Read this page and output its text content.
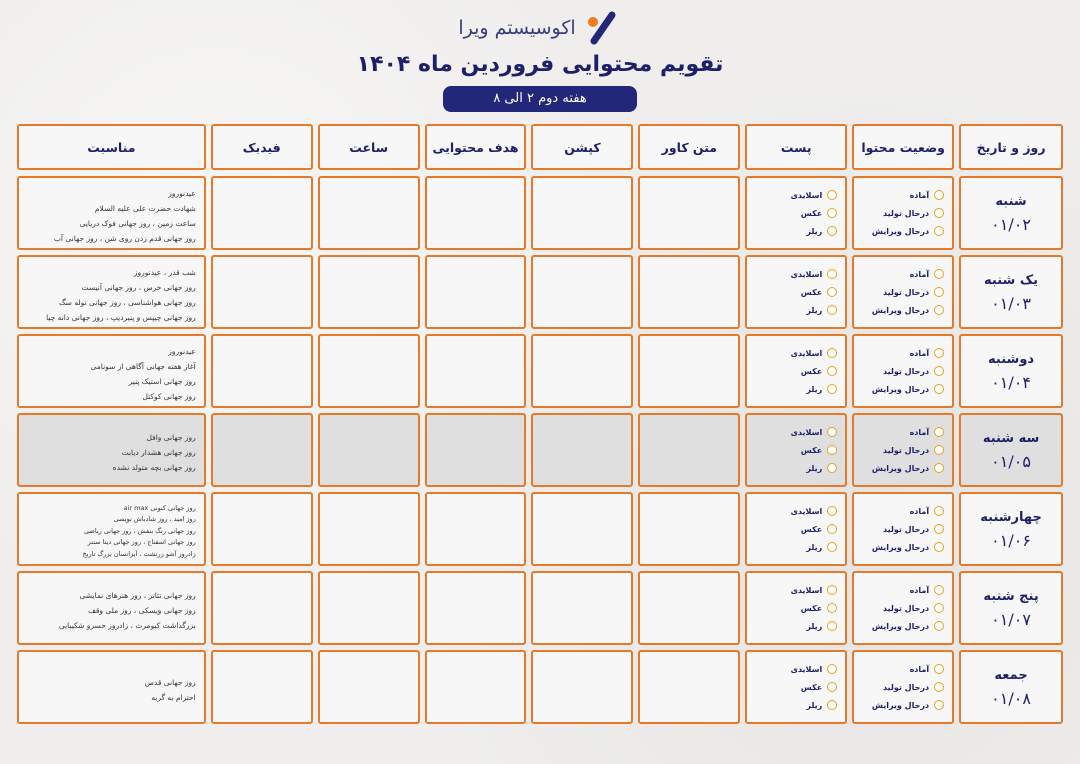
اکوسیستم ویرا
تقویم محتوایی فروردین ماه ۱۴۰۴
هفته دوم ۲ الی ۸
روز و تاریخ
وضعیت محتوا
پست
متن کاور
کپشن
هدف محتوایی
ساعت
فیدبک
مناسبت
شنبه
۰۱/۰۲
آماده
درحال تولید
درحال ویرایش
اسلایدی
عکس
ریلز
عیدنوروز
شهادت حضرت علی علیه السلام
ساعت زمین ، روز جهانی فوک دریایی
روز جهانی قدم زدن روی شن ، روز جهانی آب
یک شنبه
۰۱/۰۳
آماده
درحال تولید
درحال ویرایش
اسلایدی
عکس
ریلز
شب قدر ، عیدنوروز
روز جهانی خرس ، روز جهانی آنیست
روز جهانی هواشناسی ، روز جهانی توله سگ
روز جهانی چیپس و پنیردیپ ، روز جهانی دانه چیا
دوشنبه
۰۱/۰۴
آماده
درحال تولید
درحال ویرایش
اسلایدی
عکس
ریلز
عیدنوروز
آغاز هفته جهانی آگاهی از سونامی
روز جهانی استیک پنیر
روز جهانی کوکتل
سه شنبه
۰۱/۰۵
آماده
درحال تولید
درحال ویرایش
اسلایدی
عکس
ریلز
روز جهانی وافل
روز جهانی هشدار دیابت
روز جهانی بچه متولد نشده
چهارشنبه
۰۱/۰۶
آماده
درحال تولید
درحال ویرایش
اسلایدی
عکس
ریلز
روز جهانی کنونی air max
روز امید ، روز شادباش نویسی
روز جهانی رنگ بنفش ، روز جهانی ریاضی
روز جهانی اسفناج ، روز جهانی دیتا سنتر
زادروز آشو زرتشت ، آیزانسان بزرگ تاریخ
پنج شنبه
۰۱/۰۷
آماده
درحال تولید
درحال ویرایش
اسلایدی
عکس
ریلز
روز جهانی تئاتر ، روز هنرهای نمایشی
روز جهانی ویسکی ، روز ملی وقف
بزرگداشت کیومرث ، زادروز حسرو شکیبایی
جمعه
۰۱/۰۸
آماده
درحال تولید
درحال ویرایش
اسلایدی
عکس
ریلز
روز جهانی قدس
احترام به گربه
